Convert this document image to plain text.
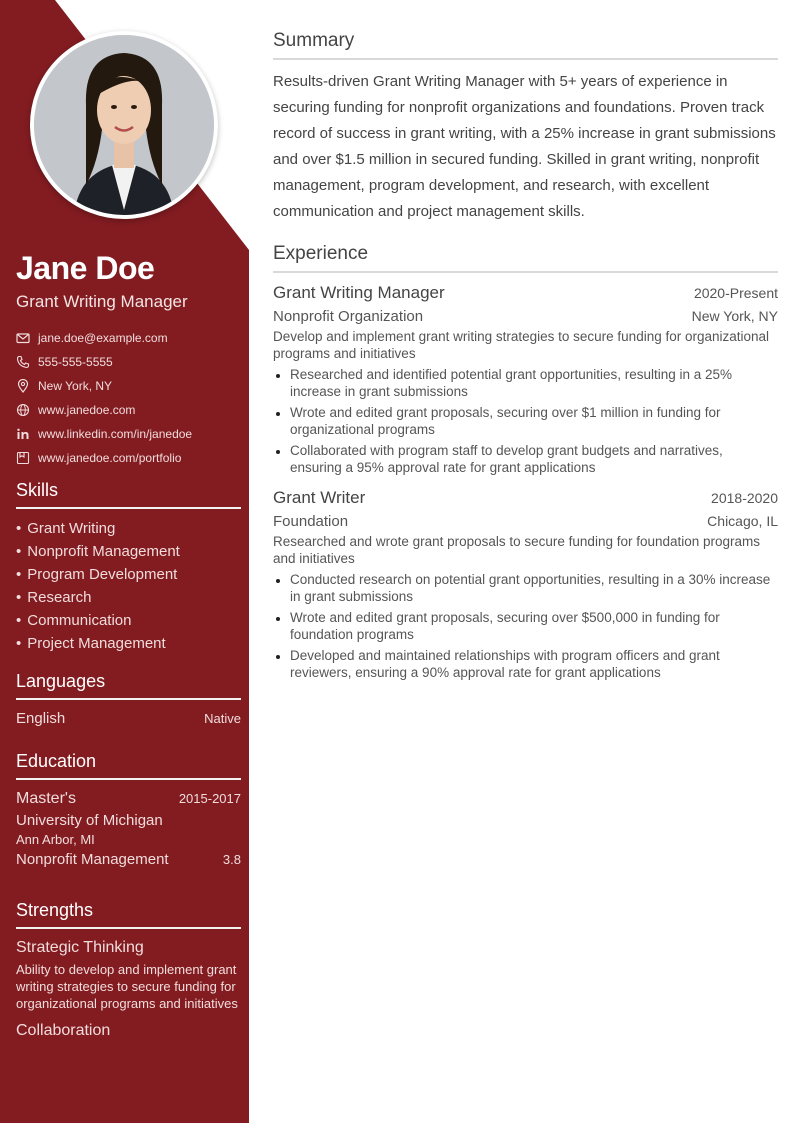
Jane Doe
Grant Writing Manager
jane.doe@example.com
555-555-5555
New York, NY
www.janedoe.com
www.linkedin.com/in/janedoe
www.janedoe.com/portfolio
Skills
• Grant Writing
• Nonprofit Management
• Program Development
• Research
• Communication
• Project Management
Languages
English	Native
Education
Master's	2015-2017
University of Michigan
Ann Arbor, MI
Nonprofit Management	3.8
Strengths
Strategic Thinking
Ability to develop and implement grant writing strategies to secure funding for organizational programs and initiatives
Collaboration
Summary

Results-driven Grant Writing Manager with 5+ years of experience in securing funding for nonprofit organizations and foundations. Proven track record of success in grant writing, with a 25% increase in grant submissions and over $1.5 million in secured funding. Skilled in grant writing, nonprofit management, program development, and research, with excellent communication and project management skills.

Experience
Grant Writing Manager	2020-Present
Nonprofit Organization	New York, NY
Develop and implement grant writing strategies to secure funding for organizational programs and initiatives
Researched and identified potential grant opportunities, resulting in a 25% increase in grant submissions
Wrote and edited grant proposals, securing over $1 million in funding for organizational programs
Collaborated with program staff to develop grant budgets and narratives, ensuring a 95% approval rate for grant applications
Grant Writer	2018-2020
Foundation	Chicago, IL
Researched and wrote grant proposals to secure funding for foundation programs and initiatives
Conducted research on potential grant opportunities, resulting in a 30% increase in grant submissions
Wrote and edited grant proposals, securing over $500,000 in funding for foundation programs
Developed and maintained relationships with program officers and grant reviewers, ensuring a 90% approval rate for grant applications
